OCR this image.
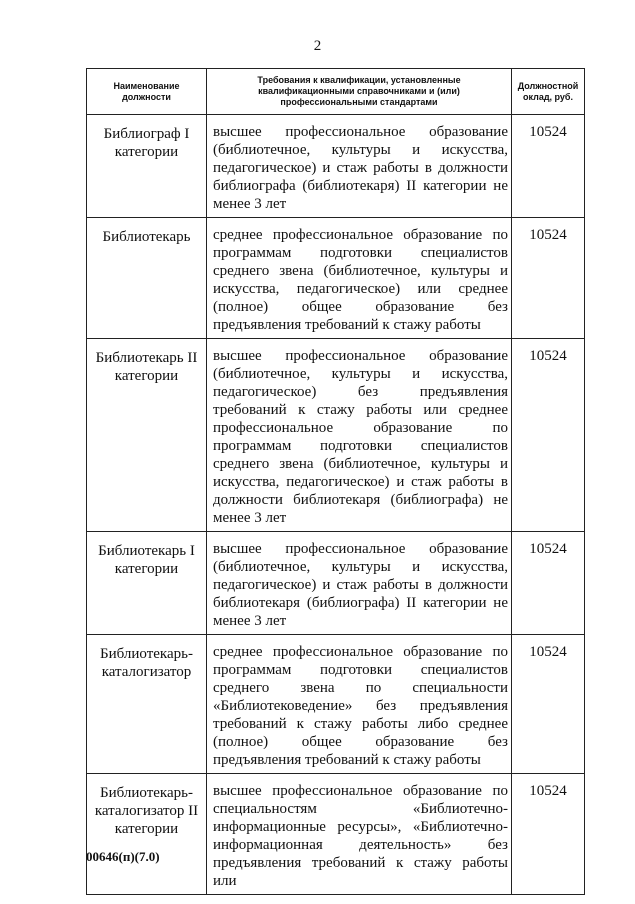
2
Наименование должности	Требования к квалификации, установленные квалификационными справочниками и (или) профессиональными стандартами	Должностной оклад, руб.
Библиограф I категории	высшее профессиональное образование (библиотечное, культуры и искусства, педагогическое) и стаж работы в должности библиографа (библиотекаря) II категории не менее 3 лет	10524
Библиотекарь	среднее профессиональное образование по программам подготовки специалистов среднего звена (библиотечное, культуры и искусства, педагогическое) или среднее (полное) общее образование без предъявления требований к стажу работы	10524
Библиотекарь II категории	высшее профессиональное образование (библиотечное, культуры и искусства, педагогическое) без предъявления требований к стажу работы или среднее профессиональное образование по программам подготовки специалистов среднего звена (библиотечное, культуры и искусства, педагогическое) и стаж работы в должности библиотекаря (библиографа) не менее 3 лет	10524
Библиотекарь I категории	высшее профессиональное образование (библиотечное, культуры и искусства, педагогическое) и стаж работы в должности библиотекаря (библиографа) II категории не менее 3 лет	10524
Библиотекарь-каталогизатор	среднее профессиональное образование по программам подготовки специалистов среднего звена по специальности «Библиотековедение» без предъявления требований к стажу работы либо среднее (полное) общее образование без предъявления требований к стажу работы	10524
Библиотекарь-каталогизатор II категории	высшее профессиональное образование по специальностям «Библиотечно-информационные ресурсы», «Библиотечно-информационная деятельность» без предъявления требований к стажу работы или	10524
00646(п)(7.0)
